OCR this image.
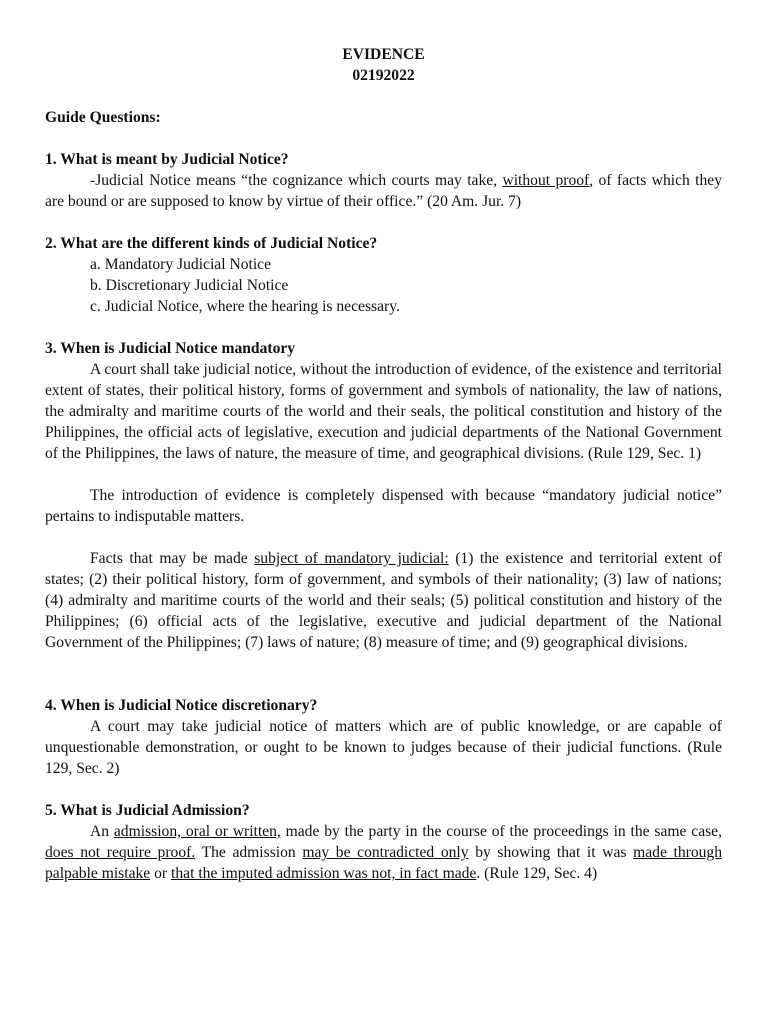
EVIDENCE

02192022

Guide Questions:

1. What is meant by Judicial Notice?

-Judicial Notice means “the cognizance which courts may take, without proof, of facts which they are bound or are supposed to know by virtue of their office.” (20 Am. Jur. 7)

2. What are the different kinds of Judicial Notice?

a. Mandatory Judicial Notice

b. Discretionary Judicial Notice

c. Judicial Notice, where the hearing is necessary.

3. When is Judicial Notice mandatory

A court shall take judicial notice, without the introduction of evidence, of the existence and territorial extent of states, their political history, forms of government and symbols of nationality, the law of nations, the admiralty and maritime courts of the world and their seals, the political constitution and history of the Philippines, the official acts of legislative, execution and judicial departments of the National Government of the Philippines, the laws of nature, the measure of time, and geographical divisions. (Rule 129, Sec. 1)

The introduction of evidence is completely dispensed with because “mandatory judicial notice” pertains to indisputable matters.

Facts that may be made subject of mandatory judicial: (1) the existence and territorial extent of states; (2) their political history, form of government, and symbols of their nationality; (3) law of nations; (4) admiralty and maritime courts of the world and their seals; (5) political constitution and history of the Philippines; (6) official acts of the legislative, executive and judicial department of the National Government of the Philippines; (7) laws of nature; (8) measure of time; and (9) geographical divisions.

4. When is Judicial Notice discretionary?

A court may take judicial notice of matters which are of public knowledge, or are capable of unquestionable demonstration, or ought to be known to judges because of their judicial functions. (Rule 129, Sec. 2)

5. What is Judicial Admission?

An admission, oral or written, made by the party in the course of the proceedings in the same case, does not require proof. The admission may be contradicted only by showing that it was made through palpable mistake or that the imputed admission was not, in fact made. (Rule 129, Sec. 4)
